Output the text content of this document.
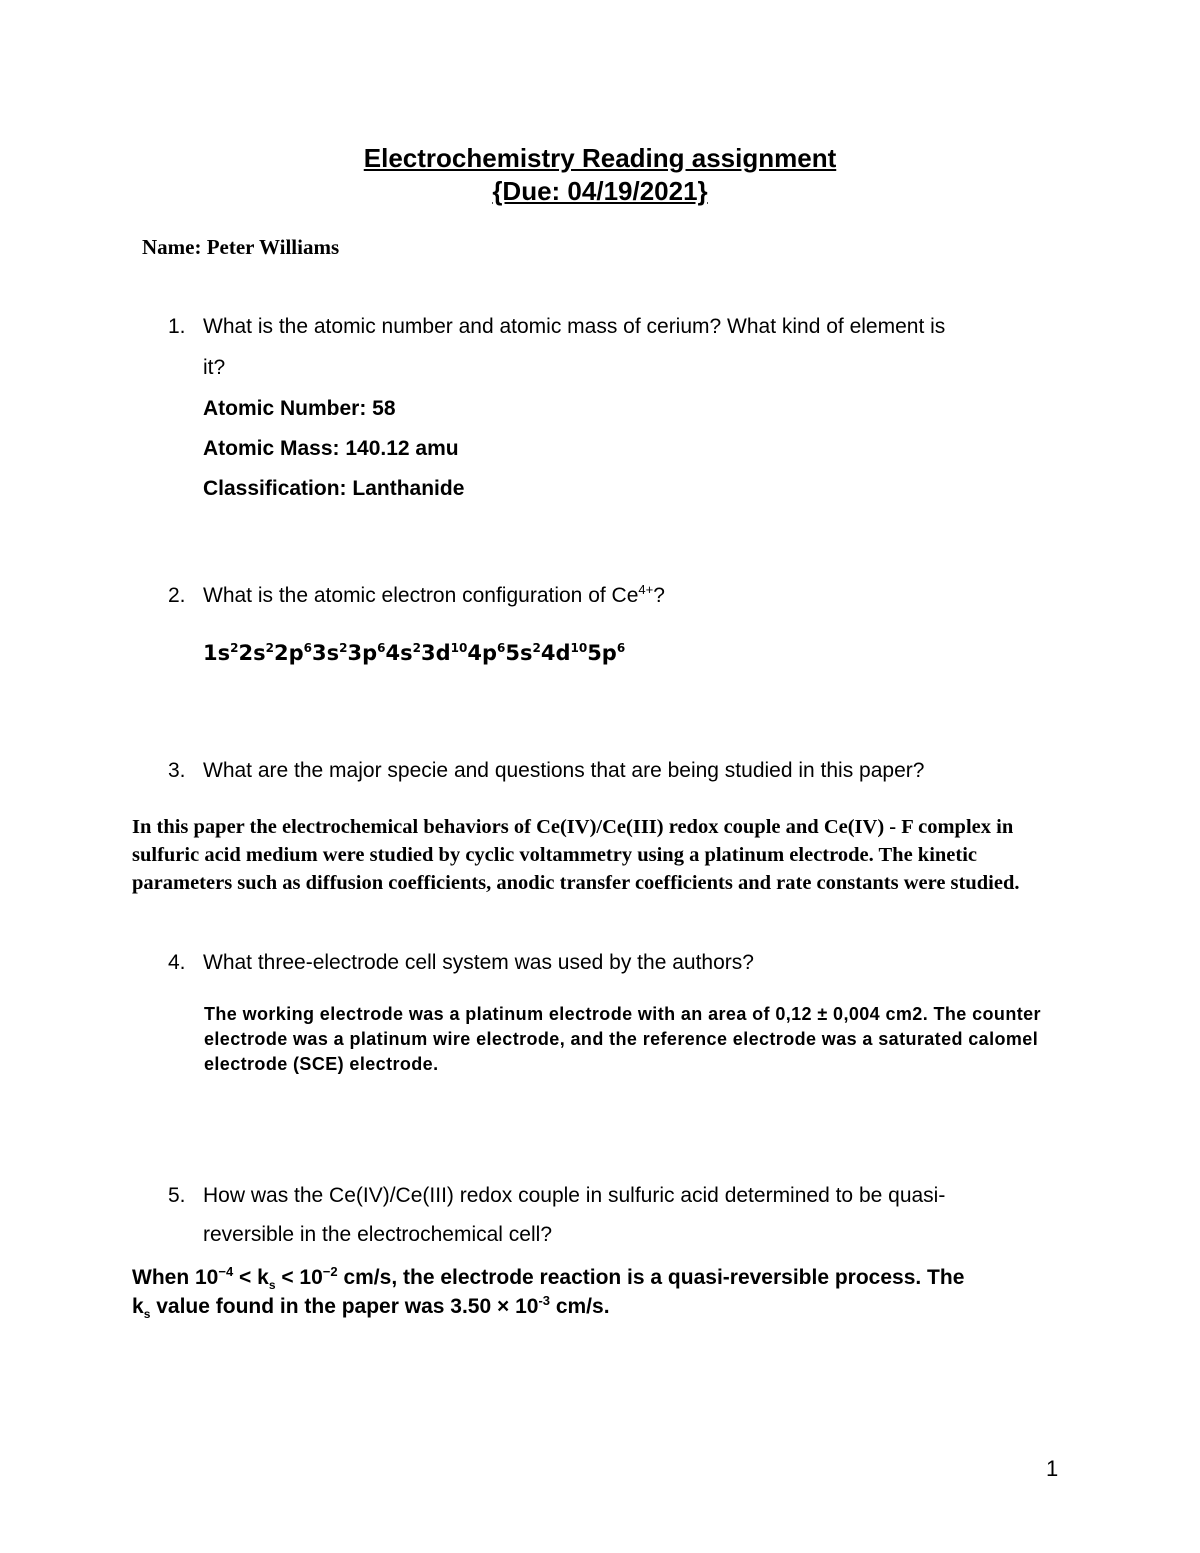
Electrochemistry Reading assignment
{Due: 04/19/2021}
Name: Peter Williams
1. What is the atomic number and atomic mass of cerium? What kind of element is
it?
Atomic Number: 58
Atomic Mass: 140.12 amu
Classification: Lanthanide
2. What is the atomic electron configuration of $Ce^{4+}$?
$1s^22s^22p^63s^23p^64s^23d^{10}4p^65s^24d^{10}5p^6$
3. What are the major specie and questions that are being studied in this paper?
In this paper the electrochemical behaviors of Ce(IV)/Ce(III) redox couple and Ce(IV) - F complex in sulfuric acid medium were studied by cyclic voltammetry using a platinum electrode. The kinetic parameters such as diffusion coefficients, anodic transfer coefficients and rate constants were studied.
4. What three-electrode cell system was used by the authors?
The working electrode was a platinum electrode with an area of 0,12 ± 0,004 cm2. The counter electrode was a platinum wire electrode, and the reference electrode was a saturated calomel electrode (SCE) electrode.
5. How was the Ce(IV)/Ce(III) redox couple in sulfuric acid determined to be quasi-
reversible in the electrochemical cell?
When $10^{-4} < k_s < 10^{-2}$ cm/s, the electrode reaction is a quasi-reversible process. The
$k_s$ value found in the paper was $3.50 \times 10^{-3}$ cm/s.
1
